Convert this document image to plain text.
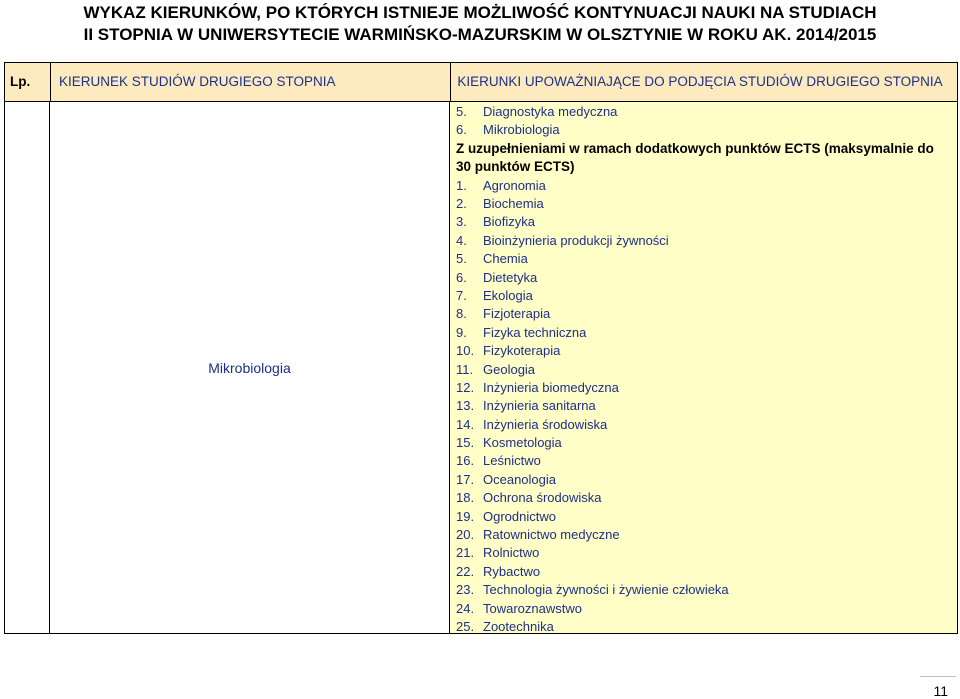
WYKAZ KIERUNKÓW, PO KTÓRYCH ISTNIEJE MOŻLIWOŚĆ KONTYNUACJI NAUKI NA STUDIACH
II STOPNIA W UNIWERSYTECIE WARMIŃSKO-MAZURSKIM W OLSZTYNIE W ROKU AK. 2014/2015
Lp.	KIERUNEK STUDIÓW DRUGIEGO STOPNIA	KIERUNKI UPOWAŻNIAJĄCE DO PODJĘCIA STUDIÓW DRUGIEGO STOPNIA
Mikrobiologia
5. Diagnostyka medyczna
6. Mikrobiologia
Z uzupełnieniami w ramach dodatkowych punktów ECTS (maksymalnie do 30 punktów ECTS)
1. Agronomia
2. Biochemia
3. Biofizyka
4. Bioinżynieria produkcji żywności
5. Chemia
6. Dietetyka
7. Ekologia
8. Fizjoterapia
9. Fizyka techniczna
10. Fizykoterapia
11. Geologia
12. Inżynieria biomedyczna
13. Inżynieria sanitarna
14. Inżynieria środowiska
15. Kosmetologia
16. Leśnictwo
17. Oceanologia
18. Ochrona środowiska
19. Ogrodnictwo
20. Ratownictwo medyczne
21. Rolnictwo
22. Rybactwo
23. Technologia żywności i żywienie człowieka
24. Towaroznawstwo
25. Zootechnika
11
